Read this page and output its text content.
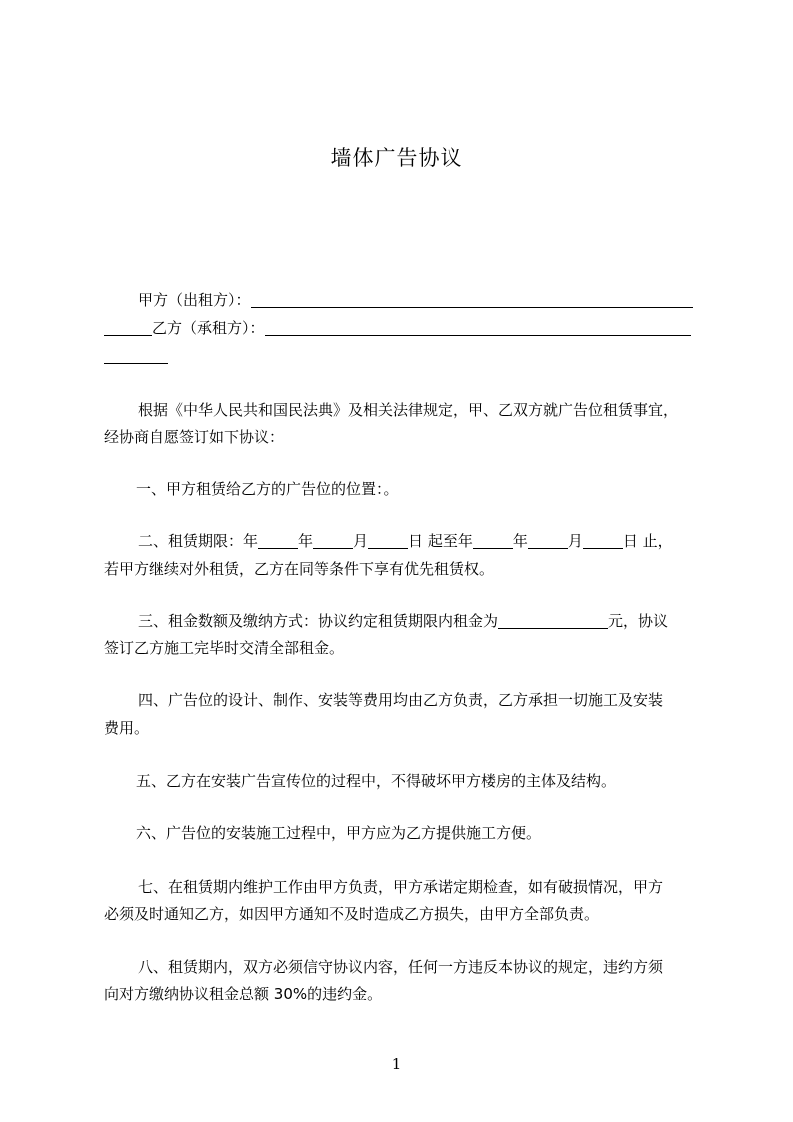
墙体广告协议
甲方（出租方）：
乙方（承租方）：
根据《中华人民共和国民法典》及相关法律规定，甲、乙双方就广告位租赁事宜，
经协商自愿签订如下协议：
一、甲方租赁给乙方的广告位的位置：。
二、租赁期限：年	年	月	日 起至年	年	月	日 止，
若甲方继续对外租赁，乙方在同等条件下享有优先租赁权。
三、租金数额及缴纳方式：协议约定租赁期限内租金为	元，协议
签订乙方施工完毕时交清全部租金。
四、广告位的设计、制作、安装等费用均由乙方负责，乙方承担一切施工及安装
费用。
五、乙方在安装广告宣传位的过程中，不得破坏甲方楼房的主体及结构。
六、广告位的安装施工过程中，甲方应为乙方提供施工方便。
七、在租赁期内维护工作由甲方负责，甲方承诺定期检查，如有破损情况，甲方
必须及时通知乙方，如因甲方通知不及时造成乙方损失，由甲方全部负责。
八、租赁期内，双方必须信守协议内容，任何一方违反本协议的规定，违约方须
向对方缴纳协议租金总额 30%的违约金。
1
